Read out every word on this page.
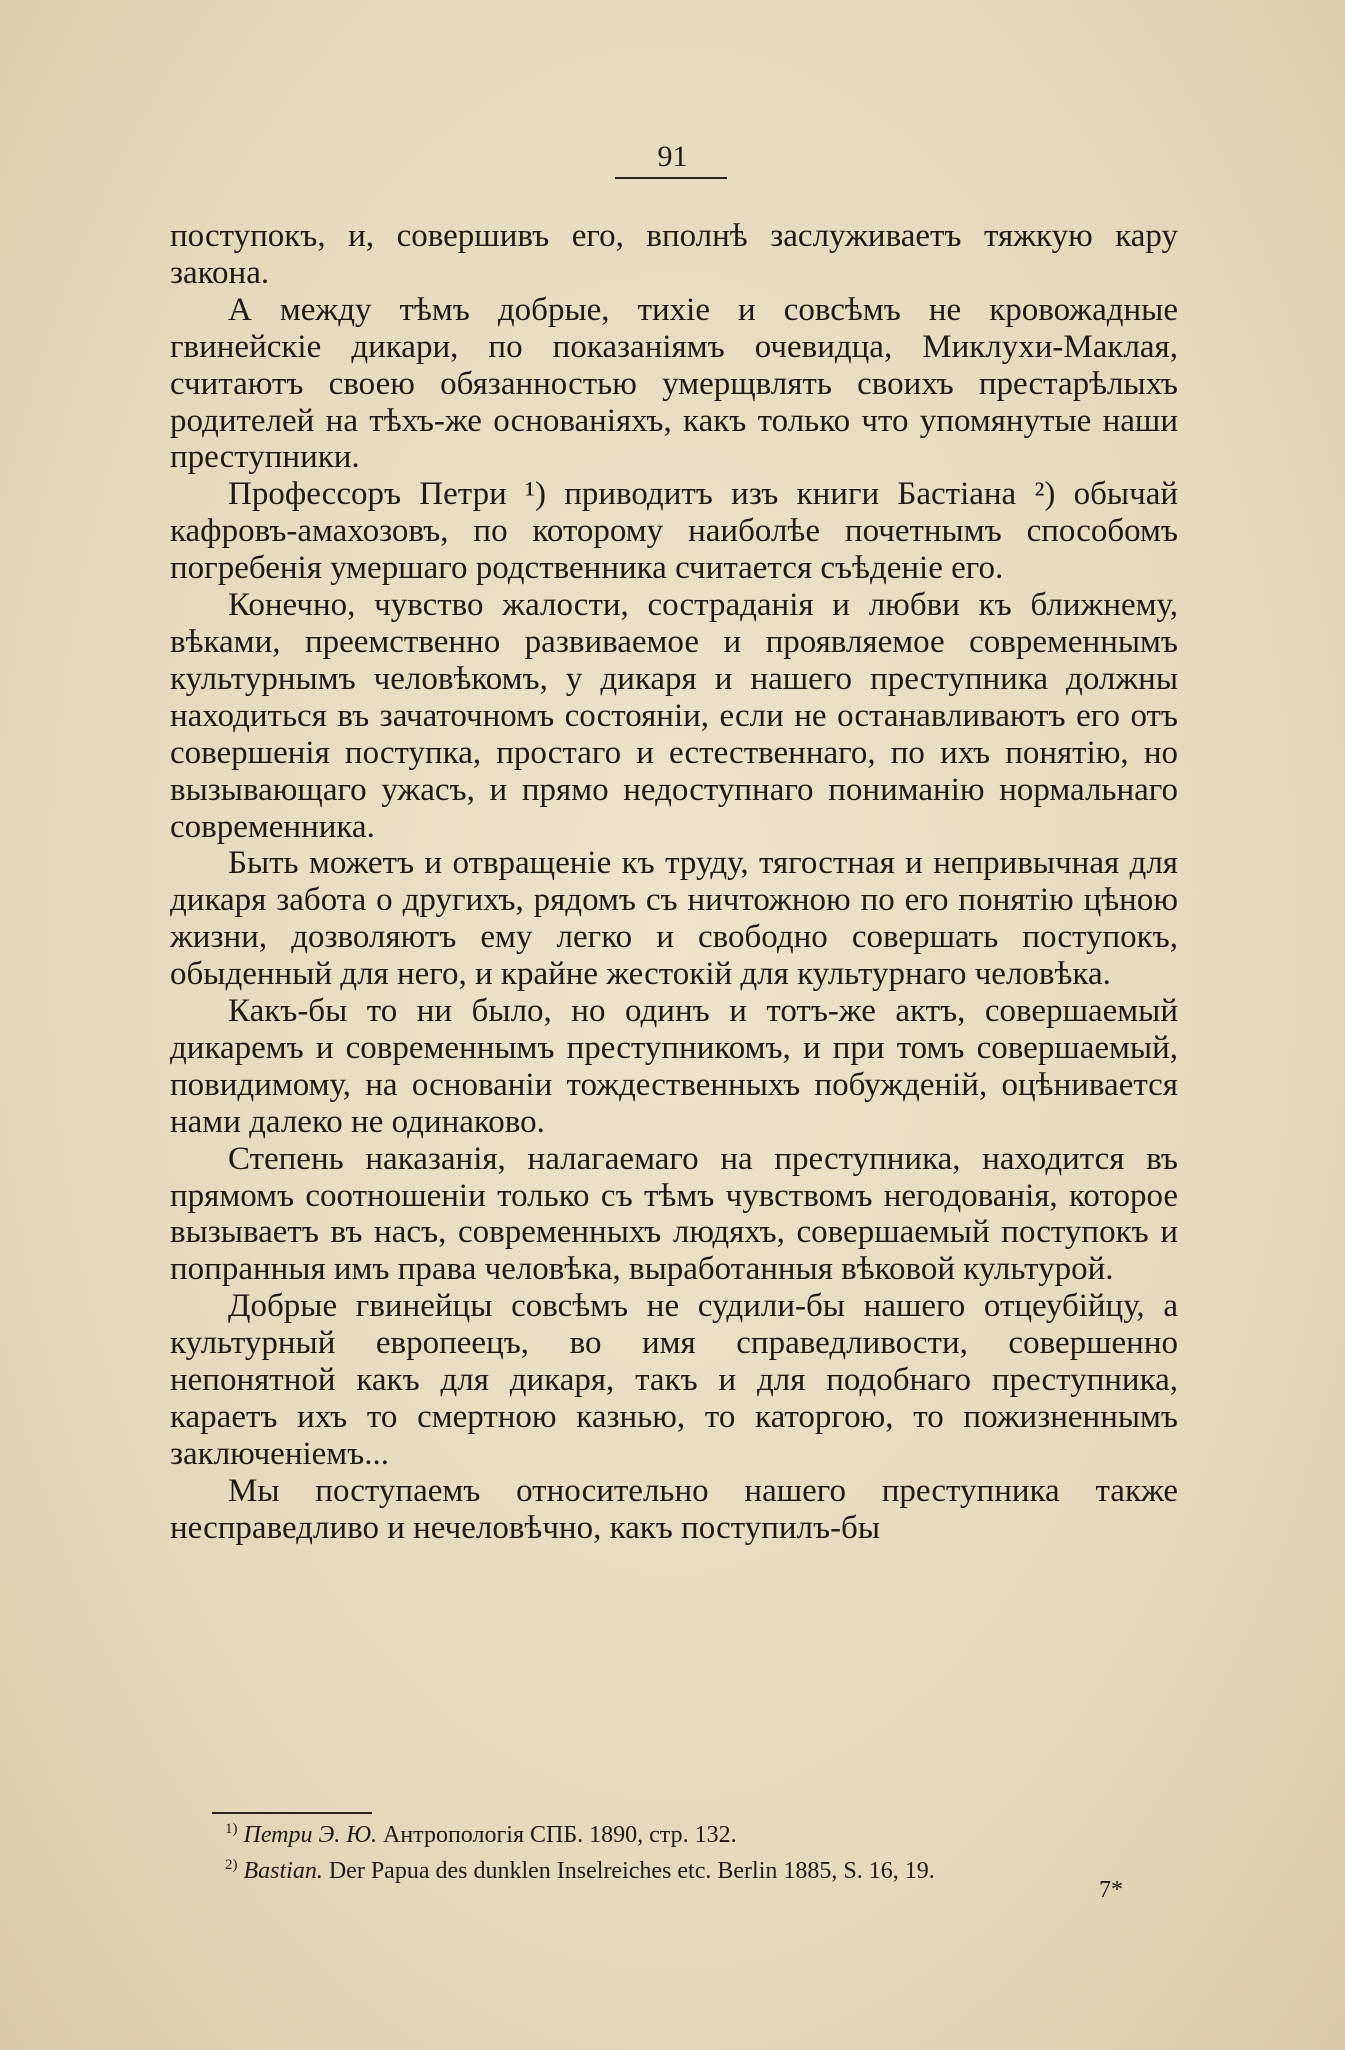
91

поступокъ, и, совершивъ его, вполнѣ заслуживаетъ тяжкую кару закона.

А между тѣмъ добрые, тихіе и совсѣмъ не кровожадные гвинейскіе дикари, по показаніямъ очевидца, Миклухи-Маклая, считаютъ своею обязанностью умерщвлять своихъ престарѣлыхъ родителей на тѣхъ-же основаніяхъ, какъ только что упомянутые наши преступники.

Профессоръ Петри ¹) приводитъ изъ книги Бастіана ²) обычай кафровъ-амахозовъ, по которому наиболѣе почетнымъ способомъ погребенія умершаго родственника считается съѣденіе его.

Конечно, чувство жалости, состраданія и любви къ ближнему, вѣками, преемственно развиваемое и проявляемое современнымъ культурнымъ человѣкомъ, у дикаря и нашего преступника должны находиться въ зачаточномъ состояніи, если не останавливаютъ его отъ совершенія поступка, простаго и естественнаго, по ихъ понятію, но вызывающаго ужасъ, и прямо недоступнаго пониманію нормальнаго современника.

Быть можетъ и отвращеніе къ труду, тягостная и непривычная для дикаря забота о другихъ, рядомъ съ ничтожною по его понятію цѣною жизни, дозволяютъ ему легко и свободно совершать поступокъ, обыденный для него, и крайне жестокій для культурнаго человѣка.

Какъ-бы то ни было, но одинъ и тотъ-же актъ, совершаемый дикаремъ и современнымъ преступникомъ, и при томъ совершаемый, повидимому, на основаніи тождественныхъ побужденій, оцѣнивается нами далеко не одинаково.

Степень наказанія, налагаемаго на преступника, находится въ прямомъ соотношеніи только съ тѣмъ чувствомъ негодованія, которое вызываетъ въ насъ, современныхъ людяхъ, совершаемый поступокъ и попранныя имъ права человѣка, выработанныя вѣковой культурой.

Добрые гвинейцы совсѣмъ не судили-бы нашего отцеубійцу, а культурный европеецъ, во имя справедливости, совершенно непонятной какъ для дикаря, такъ и для подобнаго преступника, караетъ ихъ то смертною казнью, то каторгою, то пожизненнымъ заключеніемъ...

Мы поступаемъ относительно нашего преступника также несправедливо и нечеловѣчно, какъ поступилъ-бы

$^{1)}$ Петри Э. Ю. Антропологія СПБ. 1890, стр. 132.
$^{2)}$ Bastian. Der Papua des dunklen Inselreiches etc. Berlin 1885, S. 16, 19.
7*
